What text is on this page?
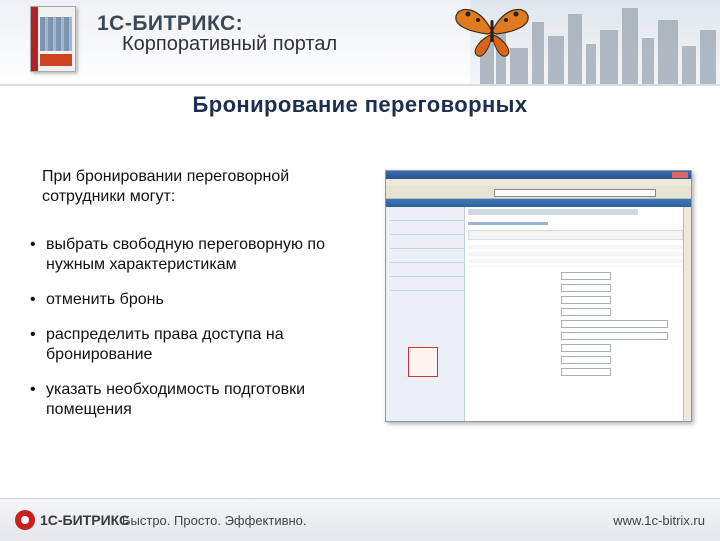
1С-БИТРИКС:
Корпоративный портал
Бронирование переговорных
При бронировании переговорной сотрудники могут:
• выбрать свободную переговорную по нужным характеристикам
• отменить бронь
• распределить права доступа на бронирование
• указать необходимость подготовки помещения
1С-БИТРИКС
Быстро. Просто. Эффективно.	www.1c-bitrix.ru
